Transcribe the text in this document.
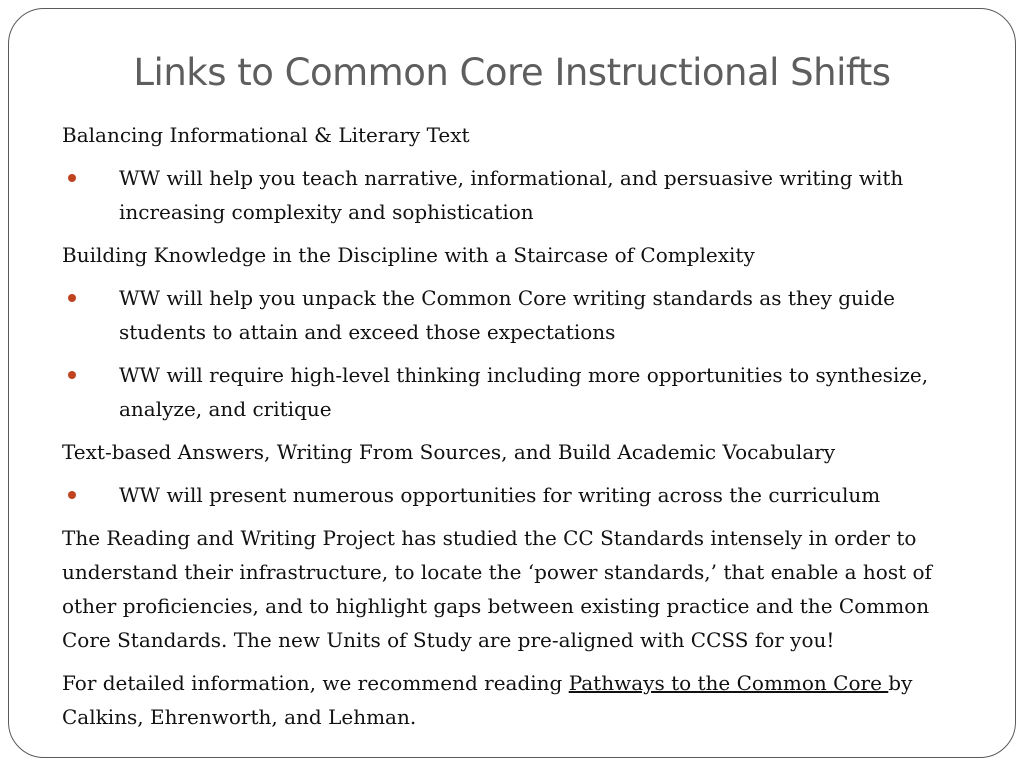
Links to Common Core Instructional Shifts

Balancing Informational & Literary Text

WW will help you teach narrative, informational, and persuasive writing with increasing complexity and sophistication

Building Knowledge in the Discipline with a Staircase of Complexity

WW will help you unpack the Common Core writing standards as they guide students to attain and exceed those expectations
WW will require high-level thinking including more opportunities to synthesize, analyze, and critique

Text-based Answers, Writing From Sources, and Build Academic Vocabulary

WW will present numerous opportunities for writing across the curriculum

The Reading and Writing Project has studied the CC Standards intensely in order to understand their infrastructure, to locate the ‘power standards,’ that enable a host of other proficiencies, and to highlight gaps between existing practice and the Common Core Standards. The new Units of Study are pre-aligned with CCSS for you!

For detailed information, we recommend reading Pathways to the Common Core by Calkins, Ehrenworth, and Lehman.
